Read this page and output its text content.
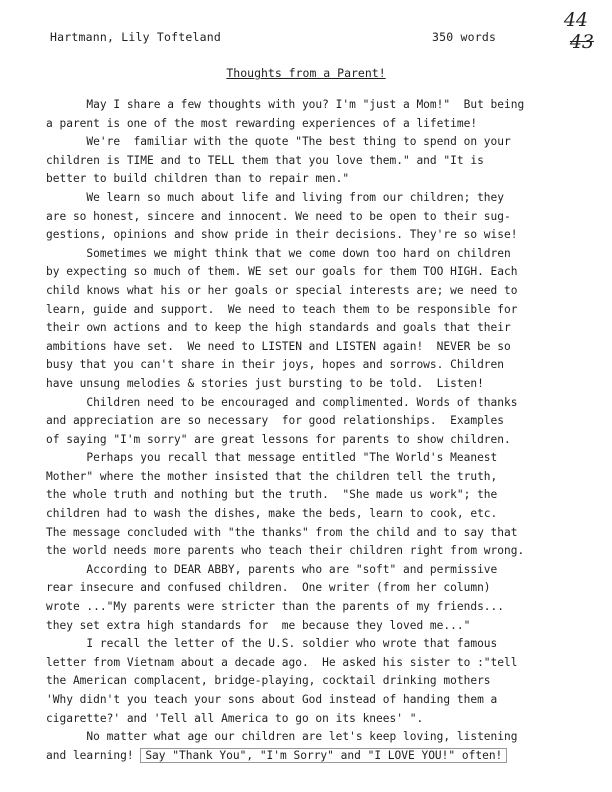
Hartmann, Lily Tofteland	350 words
44
43
Thoughts from a Parent!
May I share a few thoughts with you? I'm "just a Mom!"  But being
a parent is one of the most rewarding experiences of a lifetime!
We're  familiar with the quote "The best thing to spend on your
children is TIME and to TELL them that you love them." and "It is
better to build children than to repair men."
We learn so much about life and living from our children; they
are so honest, sincere and innocent. We need to be open to their sug-
gestions, opinions and show pride in their decisions. They're so wise!
Sometimes we might think that we come down too hard on children
by expecting so much of them. WE set our goals for them TOO HIGH. Each
child knows what his or her goals or special interests are; we need to
learn, guide and support.  We need to teach them to be responsible for
their own actions and to keep the high standards and goals that their
ambitions have set.  We need to LISTEN and LISTEN again!  NEVER be so
busy that you can't share in their joys, hopes and sorrows. Children
have unsung melodies & stories just bursting to be told.  Listen!
Children need to be encouraged and complimented. Words of thanks
and appreciation are so necessary  for good relationships.  Examples
of saying "I'm sorry" are great lessons for parents to show children.
Perhaps you recall that message entitled "The World's Meanest
Mother" where the mother insisted that the children tell the truth,
the whole truth and nothing but the truth.  "She made us work"; the
children had to wash the dishes, make the beds, learn to cook, etc.
The message concluded with "the thanks" from the child and to say that
the world needs more parents who teach their children right from wrong.
According to DEAR ABBY, parents who are "soft" and permissive
rear insecure and confused children.  One writer (from her column)
wrote ..."My parents were stricter than the parents of my friends...
they set extra high standards for  me because they loved me..."
I recall the letter of the U.S. soldier who wrote that famous
letter from Vietnam about a decade ago.  He asked his sister to :"tell
the American complacent, bridge-playing, cocktail drinking mothers
'Why didn't you teach your sons about God instead of handing them a
cigarette?' and 'Tell all America to go on its knees' ".
No matter what age our children are let's keep loving, listening
and learning! Say "Thank You", "I'm Sorry" and "I LOVE YOU!" often!
